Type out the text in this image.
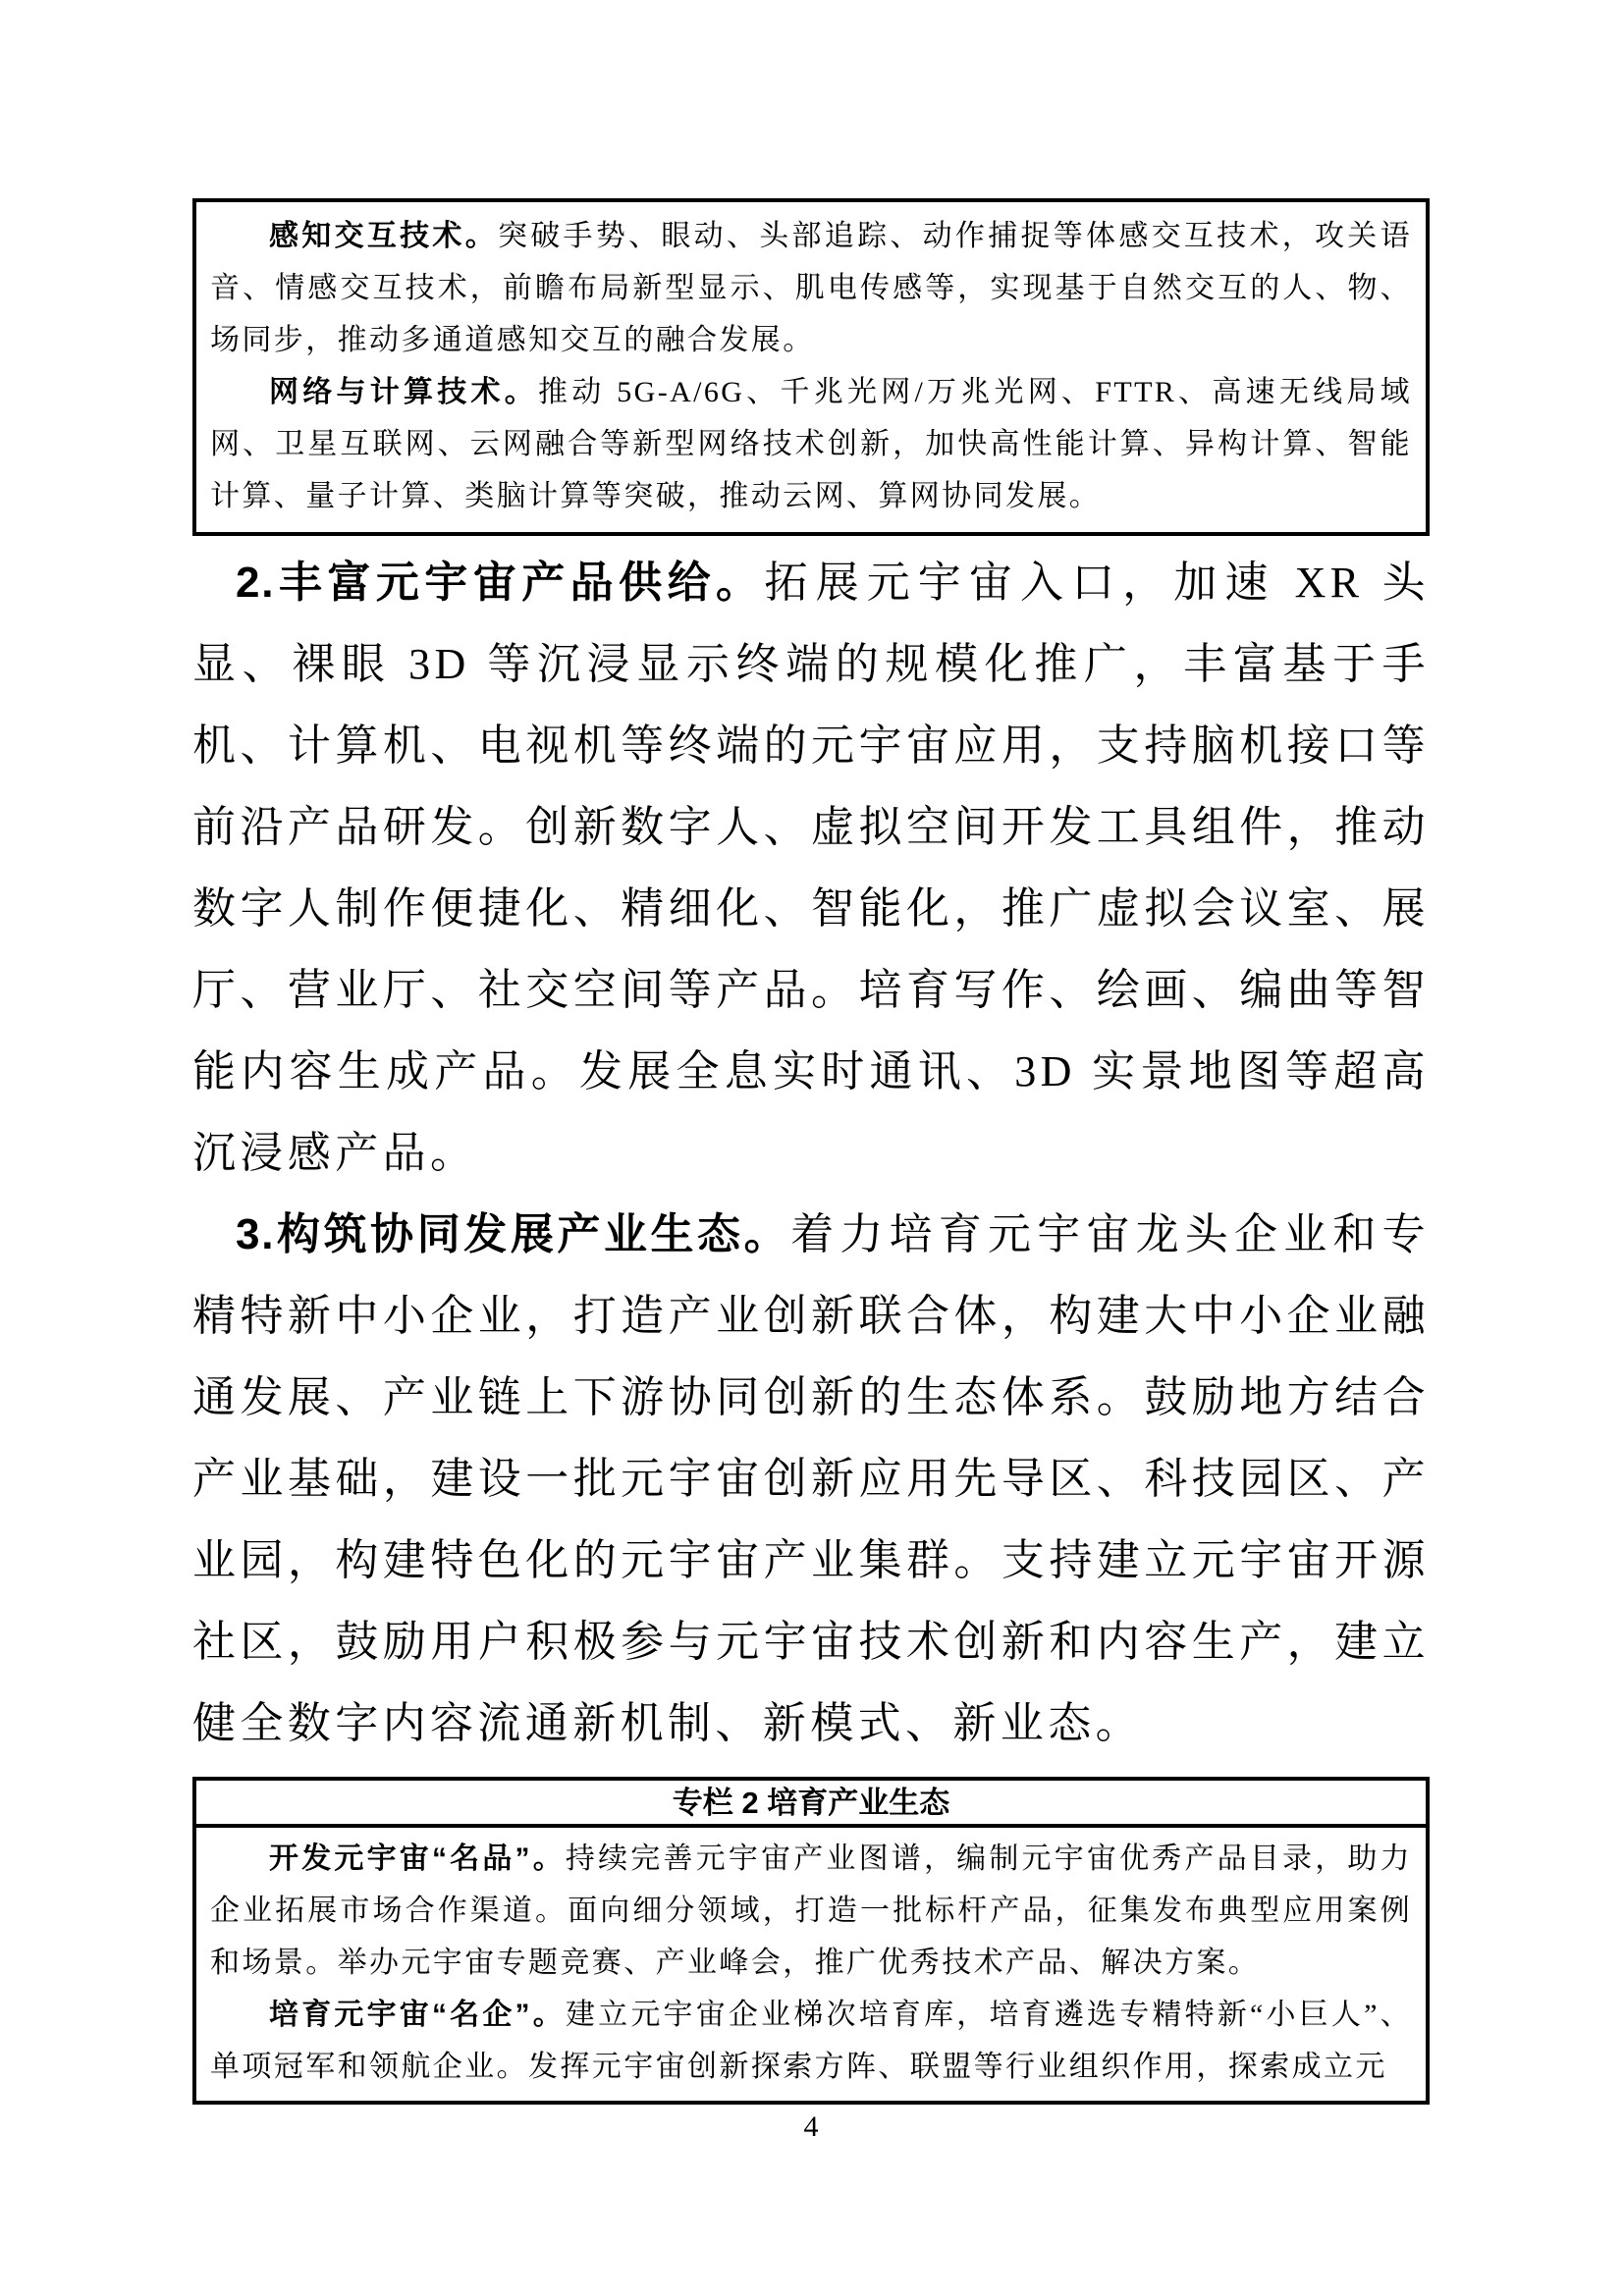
感知交互技术。突破手势、眼动、头部追踪、动作捕捉等体感交互技术，攻关语音、情感交互技术，前瞻布局新型显示、肌电传感等，实现基于自然交互的人、物、场同步，推动多通道感知交互的融合发展。

网络与计算技术。推动 5G-A/6G、千兆光网/万兆光网、FTTR、高速无线局域网、卫星互联网、云网融合等新型网络技术创新，加快高性能计算、异构计算、智能计算、量子计算、类脑计算等突破，推动云网、算网协同发展。

2.丰富元宇宙产品供给。拓展元宇宙入口，加速 XR 头显、裸眼 3D 等沉浸显示终端的规模化推广，丰富基于手机、计算机、电视机等终端的元宇宙应用，支持脑机接口等前沿产品研发。创新数字人、虚拟空间开发工具组件，推动数字人制作便捷化、精细化、智能化，推广虚拟会议室、展厅、营业厅、社交空间等产品。培育写作、绘画、编曲等智能内容生成产品。发展全息实时通讯、3D 实景地图等超高沉浸感产品。

3.构筑协同发展产业生态。着力培育元宇宙龙头企业和专精特新中小企业，打造产业创新联合体，构建大中小企业融通发展、产业链上下游协同创新的生态体系。鼓励地方结合产业基础，建设一批元宇宙创新应用先导区、科技园区、产业园，构建特色化的元宇宙产业集群。支持建立元宇宙开源社区，鼓励用户积极参与元宇宙技术创新和内容生产，建立健全数字内容流通新机制、新模式、新业态。

专栏 2 培育产业生态

开发元宇宙“名品”。持续完善元宇宙产业图谱，编制元宇宙优秀产品目录，助力企业拓展市场合作渠道。面向细分领域，打造一批标杆产品，征集发布典型应用案例和场景。举办元宇宙专题竞赛、产业峰会，推广优秀技术产品、解决方案。

培育元宇宙“名企”。建立元宇宙企业梯次培育库，培育遴选专精特新“小巨人”、单项冠军和领航企业。发挥元宇宙创新探索方阵、联盟等行业组织作用，探索成立元

4
